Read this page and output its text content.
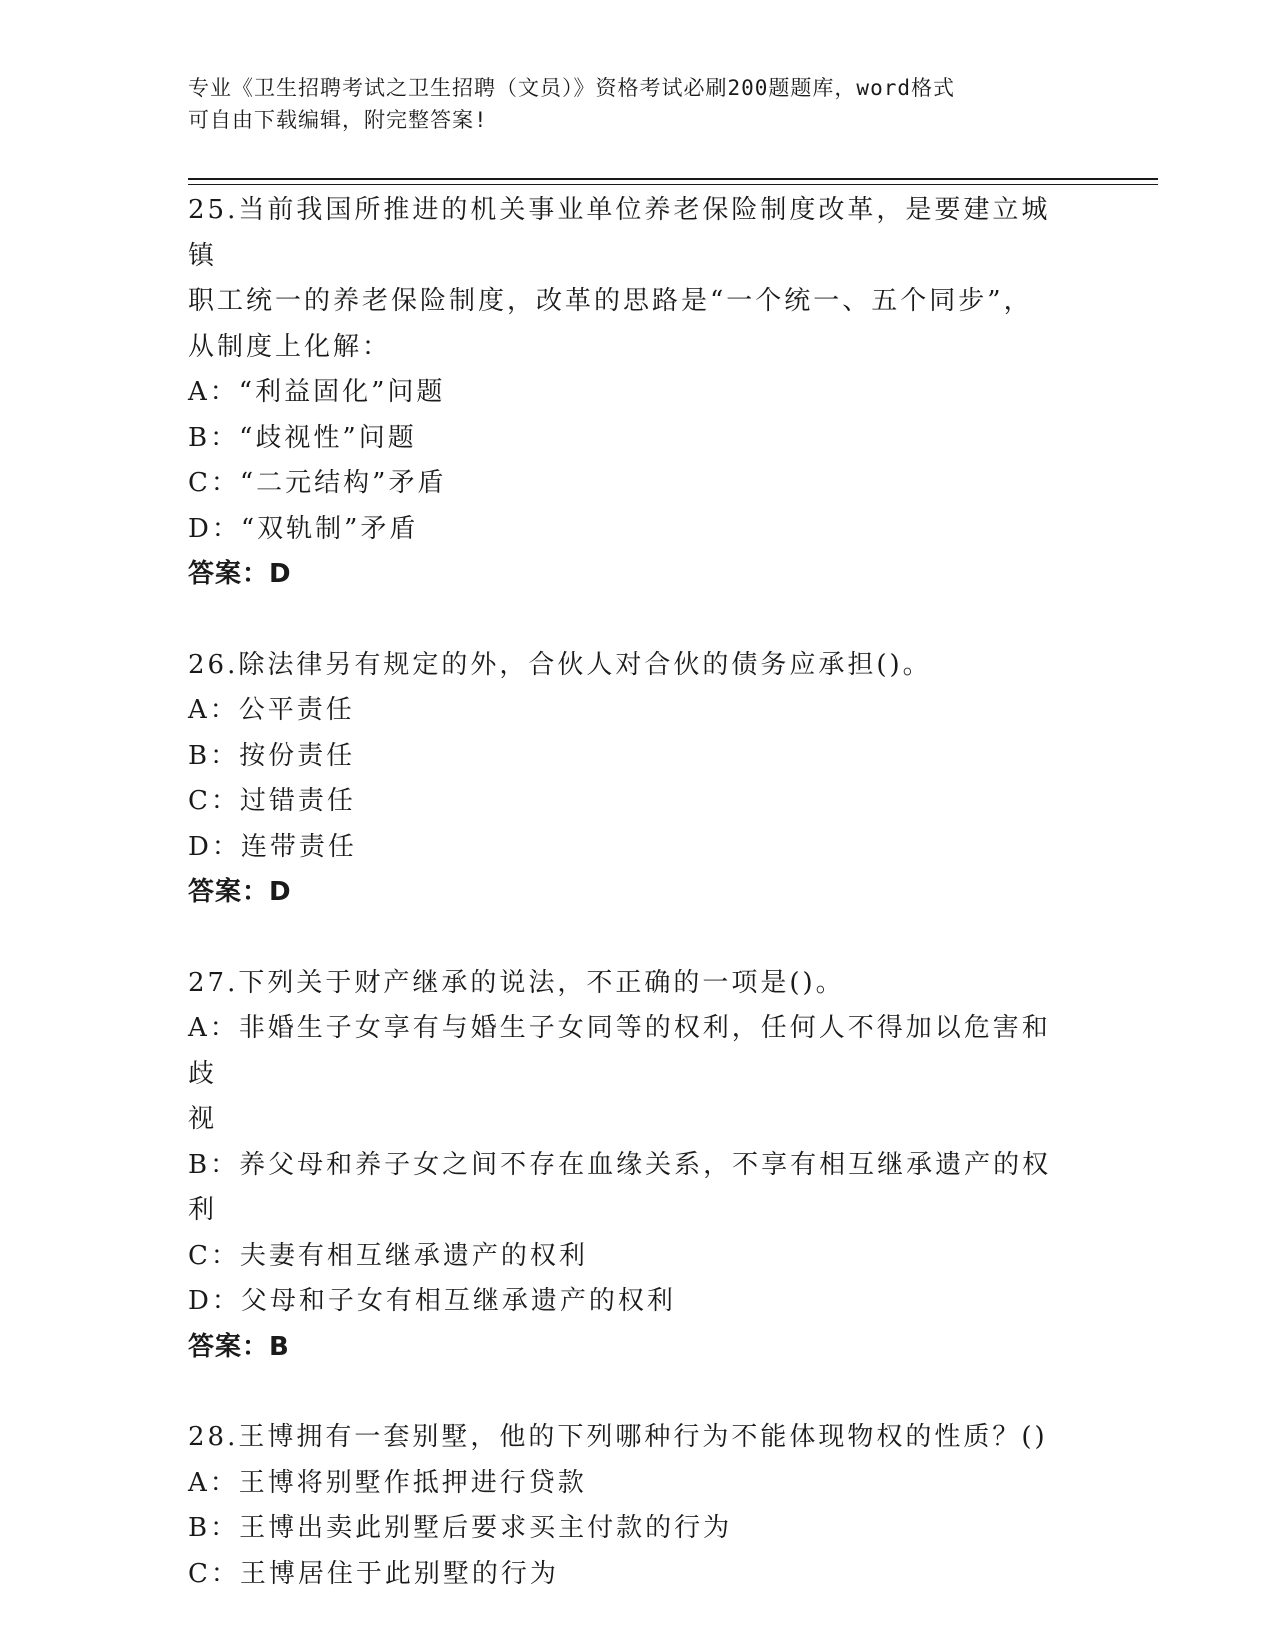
专业《卫生招聘考试之卫生招聘（文员）》资格考试必刷200题题库，word格式
可自由下载编辑，附完整答案!
25.当前我国所推进的机关事业单位养老保险制度改革，是要建立城镇
职工统一的养老保险制度，改革的思路是“一个统一、五个同步”，
从制度上化解：
A：“利益固化”问题
B：“歧视性”问题
C：“二元结构”矛盾
D：“双轨制”矛盾
答案：D
26.除法律另有规定的外，合伙人对合伙的债务应承担()。
A：公平责任
B：按份责任
C：过错责任
D：连带责任
答案：D
27.下列关于财产继承的说法，不正确的一项是()。
A：非婚生子女享有与婚生子女同等的权利，任何人不得加以危害和歧
视
B：养父母和养子女之间不存在血缘关系，不享有相互继承遗产的权利
C：夫妻有相互继承遗产的权利
D：父母和子女有相互继承遗产的权利
答案：B
28.王博拥有一套别墅，他的下列哪种行为不能体现物权的性质？()
A：王博将别墅作抵押进行贷款
B：王博出卖此别墅后要求买主付款的行为
C：王博居住于此别墅的行为
